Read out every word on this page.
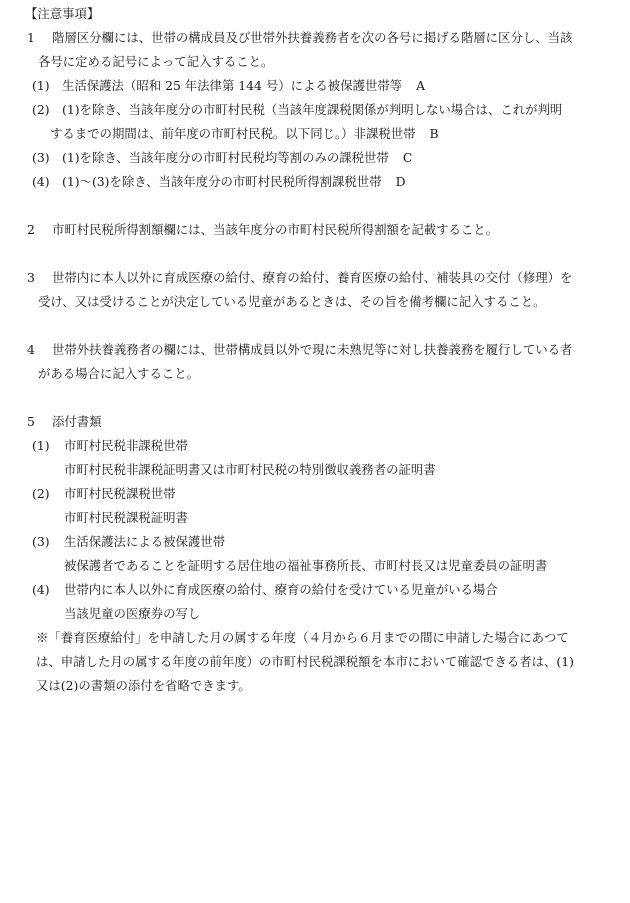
【注意事項】
1 階層区分欄には、世帯の構成員及び世帯外扶養義務者を次の各号に掲げる階層に区分し、当該
各号に定める記号によって記入すること。
(1) 生活保護法（昭和 25 年法律第 144 号）による被保護世帯等 A
(2) (1)を除き、当該年度分の市町村民税（当該年度課税関係が判明しない場合は、これが判明
するまでの期間は、前年度の市町村民税。以下同じ。）非課税世帯 B
(3) (1)を除き、当該年度分の市町村民税均等割のみの課税世帯 C
(4) (1)～(3)を除き、当該年度分の市町村民税所得割課税世帯 D
2 市町村民税所得割額欄には、当該年度分の市町村民税所得割額を記載すること。
3 世帯内に本人以外に育成医療の給付、療育の給付、養育医療の給付、補装具の交付（修理）を
受け、又は受けることが決定している児童があるときは、その旨を備考欄に記入すること。
4 世帯外扶養義務者の欄には、世帯構成員以外で現に未熟児等に対し扶養義務を履行している者
がある場合に記入すること。
5 添付書類
(1) 市町村民税非課税世帯
市町村民税非課税証明書又は市町村民税の特別徴収義務者の証明書
(2) 市町村民税課税世帯
市町村民税課税証明書
(3) 生活保護法による被保護世帯
被保護者であることを証明する居住地の福祉事務所長、市町村長又は児童委員の証明書
(4) 世帯内に本人以外に育成医療の給付、療育の給付を受けている児童がいる場合
当該児童の医療券の写し
※「養育医療給付」を申請した月の属する年度（４月から６月までの間に申請した場合にあつて
は、申請した月の属する年度の前年度）の市町村民税課税額を本市において確認できる者は、(1)
又は(2)の書類の添付を省略できます。
